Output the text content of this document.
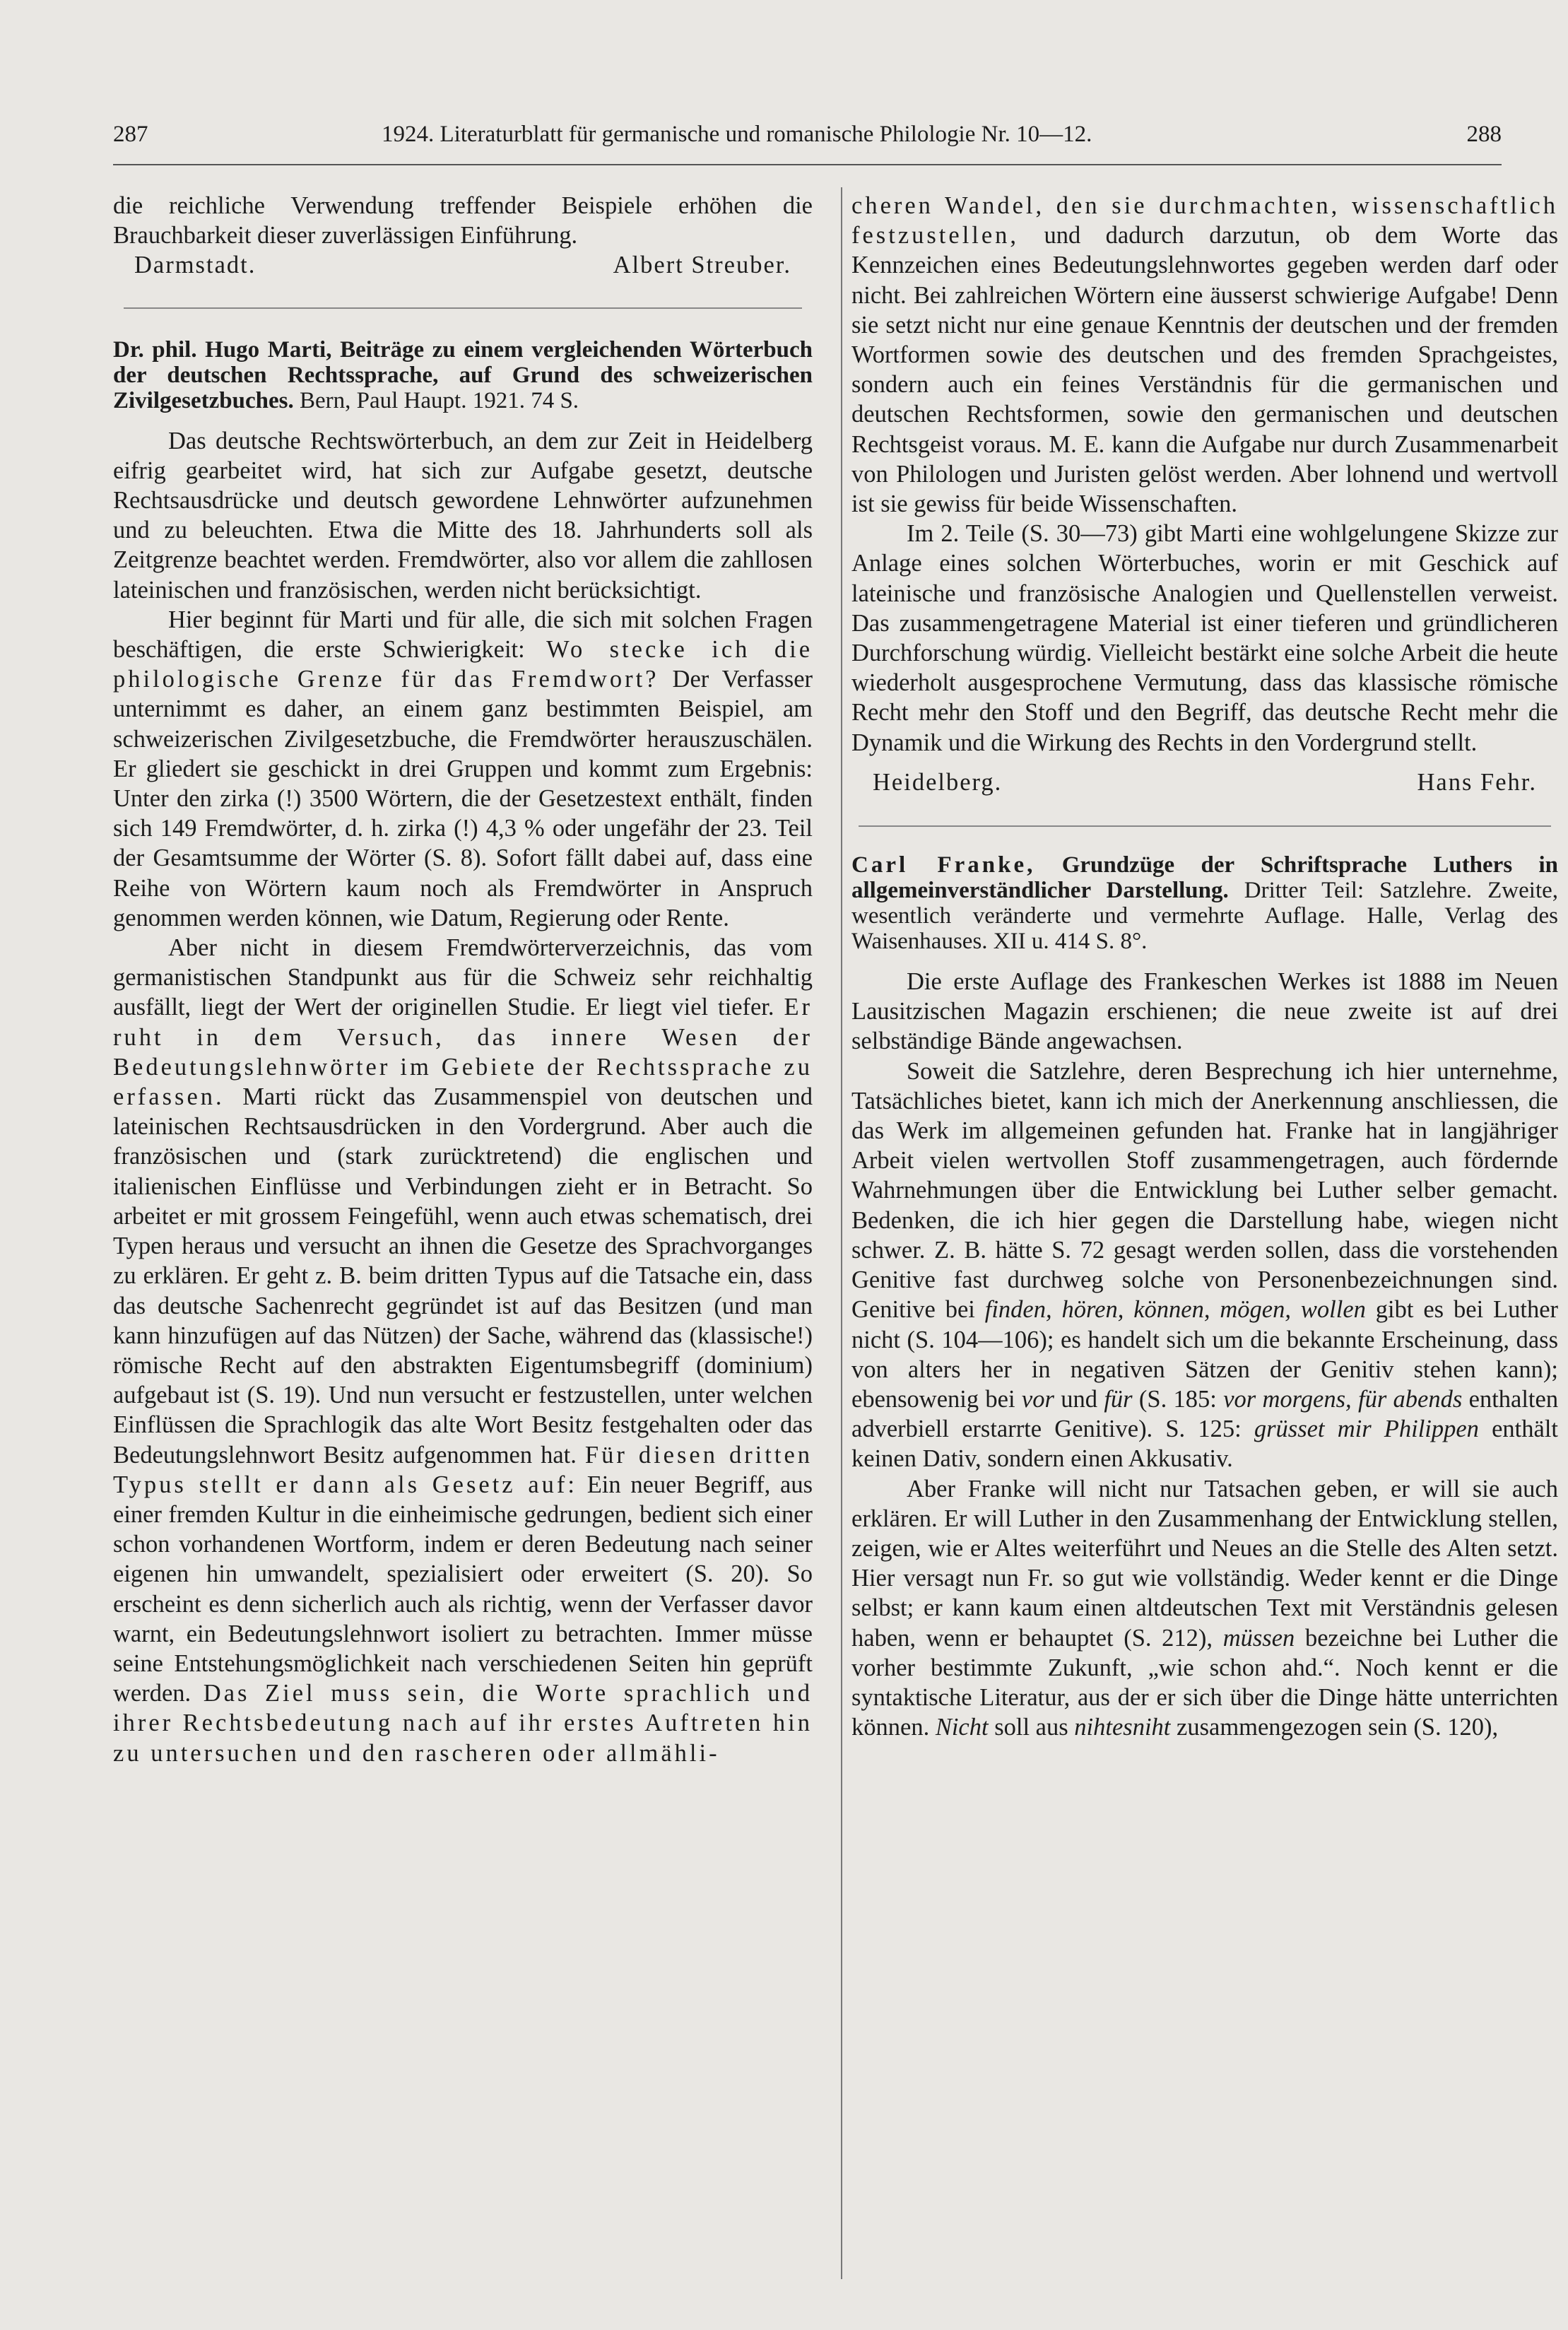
287	1924. Literaturblatt für germanische und romanische Philologie Nr. 10—12.	288

die reichliche Verwendung treffender Beispiele erhöhen die Brauchbarkeit dieser zuverlässigen Einführung.

Darmstadt.	Albert Streuber.
Dr. phil. Hugo Marti, Beiträge zu einem vergleichenden Wörterbuch der deutschen Rechtssprache, auf Grund des schweizerischen Zivilgesetzbuches. Bern, Paul Haupt. 1921. 74 S.

Das deutsche Rechtswörterbuch, an dem zur Zeit in Heidelberg eifrig gearbeitet wird, hat sich zur Aufgabe gesetzt, deutsche Rechtsausdrücke und deutsch gewordene Lehnwörter aufzunehmen und zu beleuchten. Etwa die Mitte des 18. Jahrhunderts soll als Zeitgrenze beachtet werden. Fremdwörter, also vor allem die zahllosen lateinischen und französischen, werden nicht berücksichtigt.

Hier beginnt für Marti und für alle, die sich mit solchen Fragen beschäftigen, die erste Schwierigkeit: Wo stecke ich die philologische Grenze für das Fremdwort? Der Verfasser unternimmt es daher, an einem ganz bestimmten Beispiel, am schweizerischen Zivilgesetzbuche, die Fremdwörter herauszuschälen. Er gliedert sie geschickt in drei Gruppen und kommt zum Ergebnis: Unter den zirka (!) 3500 Wörtern, die der Gesetzestext enthält, finden sich 149 Fremdwörter, d. h. zirka (!) 4,3 % oder ungefähr der 23. Teil der Gesamtsumme der Wörter (S. 8). Sofort fällt dabei auf, dass eine Reihe von Wörtern kaum noch als Fremdwörter in Anspruch genommen werden können, wie Datum, Regierung oder Rente.

Aber nicht in diesem Fremdwörterverzeichnis, das vom germanistischen Standpunkt aus für die Schweiz sehr reichhaltig ausfällt, liegt der Wert der originellen Studie. Er liegt viel tiefer. Er ruht in dem Versuch, das innere Wesen der Bedeutungslehnwörter im Gebiete der Rechtssprache zu erfassen. Marti rückt das Zusammenspiel von deutschen und lateinischen Rechtsausdrücken in den Vordergrund. Aber auch die französischen und (stark zurücktretend) die englischen und italienischen Einflüsse und Verbindungen zieht er in Betracht. So arbeitet er mit grossem Feingefühl, wenn auch etwas schematisch, drei Typen heraus und versucht an ihnen die Gesetze des Sprachvorganges zu erklären. Er geht z. B. beim dritten Typus auf die Tatsache ein, dass das deutsche Sachenrecht gegründet ist auf das Besitzen (und man kann hinzufügen auf das Nützen) der Sache, während das (klassische!) römische Recht auf den abstrakten Eigentumsbegriff (dominium) aufgebaut ist (S. 19). Und nun versucht er festzustellen, unter welchen Einflüssen die Sprachlogik das alte Wort Besitz festgehalten oder das Bedeutungslehnwort Besitz aufgenommen hat. Für diesen dritten Typus stellt er dann als Gesetz auf: Ein neuer Begriff, aus einer fremden Kultur in die einheimische gedrungen, bedient sich einer schon vorhandenen Wortform, indem er deren Bedeutung nach seiner eigenen hin umwandelt, spezialisiert oder erweitert (S. 20). So erscheint es denn sicherlich auch als richtig, wenn der Verfasser davor warnt, ein Bedeutungslehnwort isoliert zu betrachten. Immer müsse seine Entstehungsmöglichkeit nach verschiedenen Seiten hin geprüft werden. Das Ziel muss sein, die Worte sprachlich und ihrer Rechtsbedeutung nach auf ihr erstes Auftreten hin zu untersuchen und den rascheren oder allmähli-

cheren Wandel, den sie durchmachten, wissenschaftlich festzustellen, und dadurch darzutun, ob dem Worte das Kennzeichen eines Bedeutungslehnwortes gegeben werden darf oder nicht. Bei zahlreichen Wörtern eine äusserst schwierige Aufgabe! Denn sie setzt nicht nur eine genaue Kenntnis der deutschen und der fremden Wortformen sowie des deutschen und des fremden Sprachgeistes, sondern auch ein feines Verständnis für die germanischen und deutschen Rechtsformen, sowie den germanischen und deutschen Rechtsgeist voraus. M. E. kann die Aufgabe nur durch Zusammenarbeit von Philologen und Juristen gelöst werden. Aber lohnend und wertvoll ist sie gewiss für beide Wissenschaften.

Im 2. Teile (S. 30—73) gibt Marti eine wohlgelungene Skizze zur Anlage eines solchen Wörterbuches, worin er mit Geschick auf lateinische und französische Analogien und Quellenstellen verweist. Das zusammengetragene Material ist einer tieferen und gründlicheren Durchforschung würdig. Vielleicht bestärkt eine solche Arbeit die heute wiederholt ausgesprochene Vermutung, dass das klassische römische Recht mehr den Stoff und den Begriff, das deutsche Recht mehr die Dynamik und die Wirkung des Rechts in den Vordergrund stellt.

Heidelberg.	Hans Fehr.
Carl Franke, Grundzüge der Schriftsprache Luthers in allgemeinverständlicher Darstellung. Dritter Teil: Satzlehre. Zweite, wesentlich veränderte und vermehrte Auflage. Halle, Verlag des Waisenhauses. XII u. 414 S. 8°.

Die erste Auflage des Frankeschen Werkes ist 1888 im Neuen Lausitzischen Magazin erschienen; die neue zweite ist auf drei selbständige Bände angewachsen.

Soweit die Satzlehre, deren Besprechung ich hier unternehme, Tatsächliches bietet, kann ich mich der Anerkennung anschliessen, die das Werk im allgemeinen gefunden hat. Franke hat in langjähriger Arbeit vielen wertvollen Stoff zusammengetragen, auch fördernde Wahrnehmungen über die Entwicklung bei Luther selber gemacht. Bedenken, die ich hier gegen die Darstellung habe, wiegen nicht schwer. Z. B. hätte S. 72 gesagt werden sollen, dass die vorstehenden Genitive fast durchweg solche von Personenbezeichnungen sind. Genitive bei finden, hören, können, mögen, wollen gibt es bei Luther nicht (S. 104—106); es handelt sich um die bekannte Erscheinung, dass von alters her in negativen Sätzen der Genitiv stehen kann); ebensowenig bei vor und für (S. 185: vor morgens, für abends enthalten adverbiell erstarrte Genitive). S. 125: grüsset mir Philippen enthält keinen Dativ, sondern einen Akkusativ.

Aber Franke will nicht nur Tatsachen geben, er will sie auch erklären. Er will Luther in den Zusammenhang der Entwicklung stellen, zeigen, wie er Altes weiterführt und Neues an die Stelle des Alten setzt. Hier versagt nun Fr. so gut wie vollständig. Weder kennt er die Dinge selbst; er kann kaum einen altdeutschen Text mit Verständnis gelesen haben, wenn er behauptet (S. 212), müssen bezeichne bei Luther die vorher bestimmte Zukunft, „wie schon ahd.“. Noch kennt er die syntaktische Literatur, aus der er sich über die Dinge hätte unterrichten können. Nicht soll aus nihtesniht zusammengezogen sein (S. 120),
